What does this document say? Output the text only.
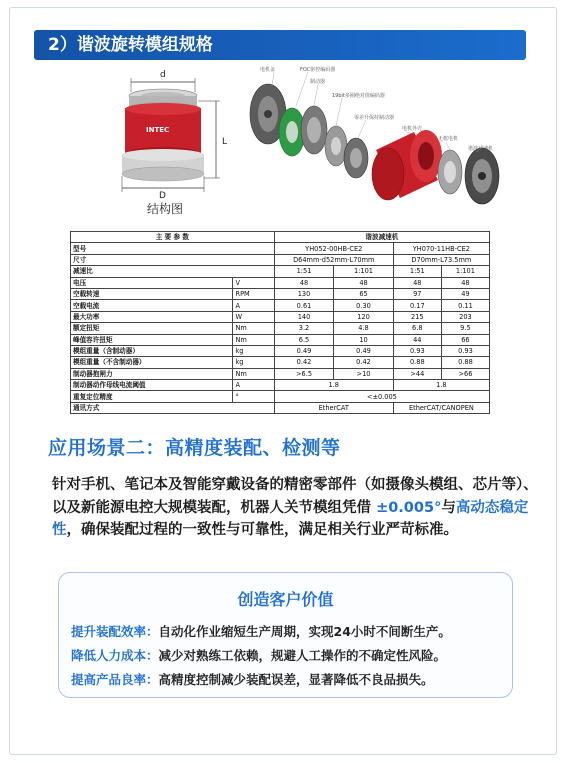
2）谐波旋转模组规格
d
INTEC
L
D
结构图
电机盖	FOC驱控编码器
制动器
19bit多圈绝对值编码器
零差升保持制动器
电机外壳
无框电机
谐波减速机
主 要 参 数		谐波减速机			
型号		YH052-00HB-CE2		YH070-11HB-CE2	
尺寸		D64mm-d52mm-L70mm		D70mm-L73.5mm	
减速比		1:51	1:101	1:51	1:101
电压	V	48	48	48	48
空载转速	RPM	130	65	97	49
空载电流	A	0.61	0.30	0.17	0.11
最大功率	W	140	120	215	203
额定扭矩	Nm	3.2	4.8	6.8	9.5
峰值容许扭矩	Nm	6.5	10	44	66
模组重量（含制动器）	kg	0.49	0.49	0.93	0.93
模组重量（不含制动器）	kg	0.42	0.42	0.88	0.88
制动器抱闸力	Nm	>6.5	>10	>44	>66
制动器动作母线电流阈值	A	1.8		1.8	
重复定位精度	°	<±0.005			
通讯方式		EtherCAT		EtherCAT/CANOPEN	
应用场景二：高精度装配、检测等
针对手机、笔记本及智能穿戴设备的精密零部件（如摄像头模组、芯片等）、以及新能源电控大规模装配，机器人关节模组凭借 ±0.005°与高动态稳定性，确保装配过程的一致性与可靠性，满足相关行业严苛标准。
创造客户价值
提升装配效率：自动化作业缩短生产周期，实现24小时不间断生产。
降低人力成本：减少对熟练工依赖，规避人工操作的不确定性风险。
提高产品良率：高精度控制减少装配误差，显著降低不良品损失。
